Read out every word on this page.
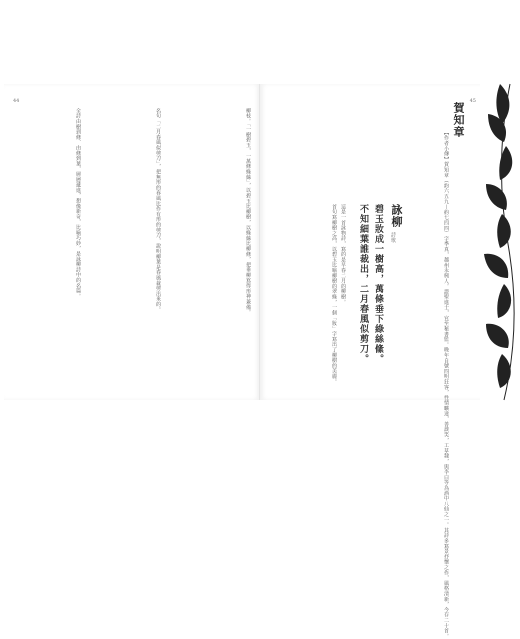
44
柳枝。「一樹碧玉，一萬條綠絲」，以碧玉比柳樹，以綠絲比柳條，把垂柳寫得形神兼備。
名句「二月春風似剪刀」，把無形的春風比作有形的剪刀，說明柳葉是春風裁剪出來的。
全詩由樹到條、由條到葉，層層遞進，想像新奇，比喻巧妙，是詠柳詩中的名篇。
45
賀知章
【作者小傳】賀知章（約六五九—約七四四）字季真，越州永興人。證聖進士，官至秘書監。晚年自號四明狂客，性情曠達，善談笑，工草隸，與李白等為酒中八仙之一。其詩多寫景抒懷之作，風格清新，今存二十首。
詠柳
詩歌
碧玉妝成一樹高，萬條垂下綠絲絛。
不知細葉誰裁出，二月春風似剪刀。
這是一首詠物詩，寫的是早春二月的柳樹。
首句寫柳樹之高，以碧玉比喻柳樹的翠綠，一個「妝」字寫出了柳樹的美麗。
